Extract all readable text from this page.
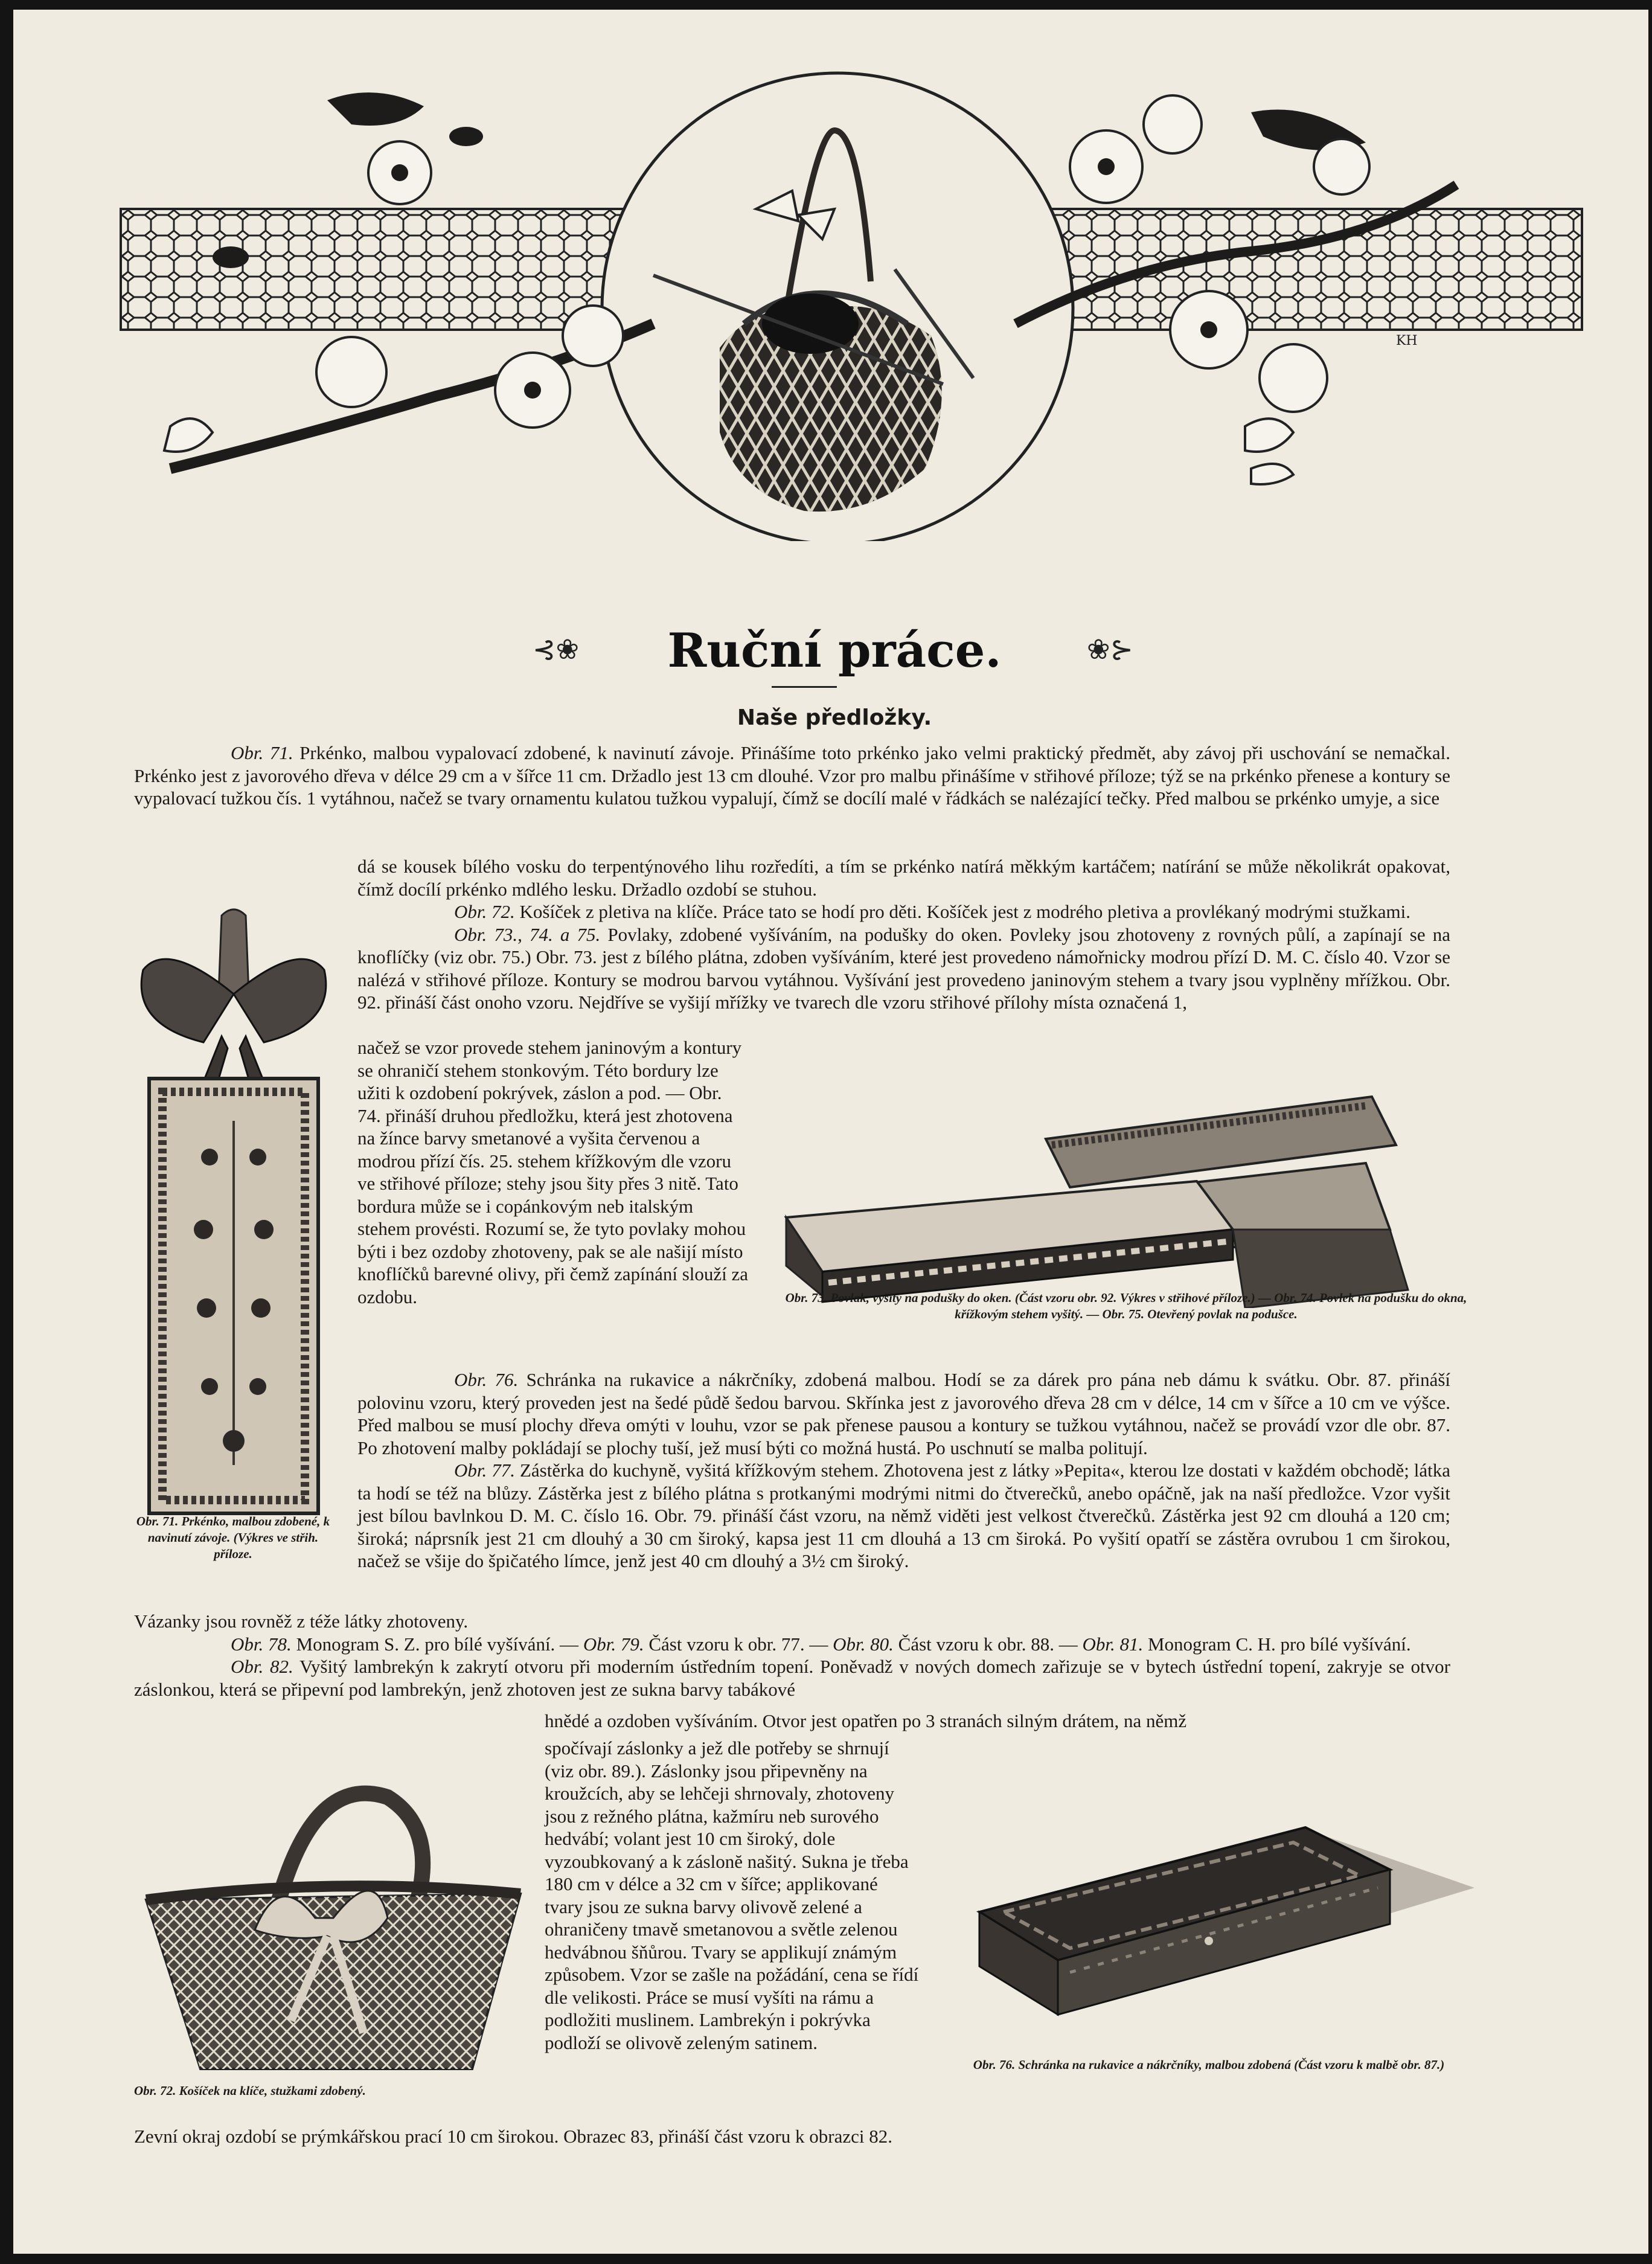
KH
⊰❀	Ruční práce.	❀⊱
Naše předložky.

Obr. 71. Prkénko, malbou vypalovací zdobené, k navinutí závoje. Přinášíme toto prkénko jako velmi praktický předmět, aby závoj při uschování se nemačkal. Prkénko jest z javorového dřeva v délce 29 cm a v šířce 11 cm. Držadlo jest 13 cm dlouhé. Vzor pro malbu přinášíme v střihové příloze; týž se na prkénko přenese a kontury se vypalovací tužkou čís. 1 vytáhnou, načež se tvary ornamentu kulatou tužkou vypalují, čímž se docílí malé v řádkách se nalézající tečky. Před malbou se prkénko umyje, a sice

dá se kousek bílého vosku do terpentýnového lihu rozředíti, a tím se prkénko natírá měkkým kartáčem; natírání se může několikrát opakovat, čímž docílí prkénko mdlého lesku. Držadlo ozdobí se stuhou.

Obr. 72. Košíček z pletiva na klíče. Práce tato se hodí pro děti. Košíček jest z modrého pletiva a provlékaný modrými stužkami.

Obr. 73., 74. a 75. Povlaky, zdobené vyšíváním, na podušky do oken. Povleky jsou zhotoveny z rovných půlí, a zapínají se na knoflíčky (viz obr. 75.) Obr. 73. jest z bílého plátna, zdoben vyšíváním, které jest provedeno námořnicky modrou přízí D. M. C. číslo 40. Vzor se nalézá v střihové příloze. Kontury se modrou barvou vytáhnou. Vyšívání jest provedeno janinovým stehem a tvary jsou vyplněny mřížkou. Obr. 92. přináší část onoho vzoru. Nejdříve se vyšijí mřížky ve tvarech dle vzoru střihové přílohy místa označená 1,

Obr. 71. Prkénko, malbou zdobené, k navinutí závoje. (Výkres ve střih. příloze.

načež se vzor provede stehem janinovým a kontury se ohraničí stehem stonkovým. Této bordury lze užiti k ozdobení pokrývek, záslon a pod. — Obr. 74. přináší druhou předložku, která jest zhotovena na žínce barvy smetanové a vyšita červenou a modrou přízí čís. 25. stehem křížkovým dle vzoru ve střihové příloze; stehy jsou šity přes 3 nitě. Tato bordura může se i copánkovým neb italským stehem provésti. Rozumí se, že tyto povlaky mohou býti i bez ozdoby zhotoveny, pak se ale našijí místo knoflíčků barevné olivy, při čemž zapínání slouží za ozdobu.	Obr. 73. Povlak, vyšitý na podušky do oken. (Část vzoru obr. 92. Výkres v střihové příloze.) — Obr. 74. Povlek na podušku do okna, křížkovým stehem vyšitý. — Obr. 75. Otevřený povlak na podušce.

Obr. 76. Schránka na rukavice a nákrčníky, zdobená malbou. Hodí se za dárek pro pána neb dámu k svátku. Obr. 87. přináší polovinu vzoru, který proveden jest na šedé půdě šedou barvou. Skřínka jest z javorového dřeva 28 cm v délce, 14 cm v šířce a 10 cm ve výšce. Před malbou se musí plochy dřeva omýti v louhu, vzor se pak přenese pausou a kontury se tužkou vytáhnou, načež se provádí vzor dle obr. 87. Po zhotovení malby pokládají se plochy tuší, jež musí býti co možná hustá. Po uschnutí se malba politují.

Obr. 77. Zástěrka do kuchyně, vyšitá křížkovým stehem. Zhotovena jest z látky »Pepita«, kterou lze dostati v každém obchodě; látka ta hodí se též na blůzy. Zástěrka jest z bílého plátna s protkanými modrými nitmi do čtverečků, anebo opáčně, jak na naší předložce. Vzor vyšit jest bílou bavlnkou D. M. C. číslo 16. Obr. 79. přináší část vzoru, na němž viděti jest velkost čtverečků. Zástěrka jest 92 cm dlouhá a 120 cm; široká; náprsník jest 21 cm dlouhý a 30 cm široký, kapsa jest 11 cm dlouhá a 13 cm široká. Po vyšití opatří se zástěra ovrubou 1 cm širokou, načež se všije do špičatého límce, jenž jest 40 cm dlouhý a 3½ cm široký.

Vázanky jsou rovněž z téže látky zhotoveny.

Obr. 78. Monogram S. Z. pro bílé vyšívání. — Obr. 79. Část vzoru k obr. 77. — Obr. 80. Část vzoru k obr. 88. — Obr. 81. Monogram C. H. pro bílé vyšívání.

Obr. 82. Vyšitý lambrekýn k zakrytí otvoru při moderním ústředním topení. Poněvadž v nových domech zařizuje se v bytech ústřední topení, zakryje se otvor záslonkou, která se připevní pod lambrekýn, jenž zhotoven jest ze sukna barvy tabákové

hnědé a ozdoben vyšíváním. Otvor jest opatřen po 3 stranách silným drátem, na němž

spočívají záslonky a jež dle potřeby se shrnují (viz obr. 89.). Záslonky jsou připevněny na kroužcích, aby se lehčeji shrnovaly, zhotoveny jsou z režného plátna, kažmíru neb surového hedvábí; volant jest 10 cm široký, dole vyzoubkovaný a k záslonĕ našitý. Sukna je třeba 180 cm v délce a 32 cm v šířce; applikované tvary jsou ze sukna barvy olivově zelené a ohraničeny tmavě smetanovou a světle zelenou hedvábnou šňůrou. Tvary se applikují známým způsobem. Vzor se zašle na požádání, cena se řídí dle velikosti. Práce se musí vyšíti na rámu a podložiti muslinem. Lambrekýn i pokrývka podloží se olivově zeleným satinem.

Obr. 72. Košíček na klíče, stužkami zdobený.
Obr. 76. Schránka na rukavice a nákrčníky, malbou zdobená (Část vzoru k malbě obr. 87.)

Zevní okraj ozdobí se prýmkářskou prací 10 cm širokou. Obrazec 83, přináší část vzoru k obrazci 82.
